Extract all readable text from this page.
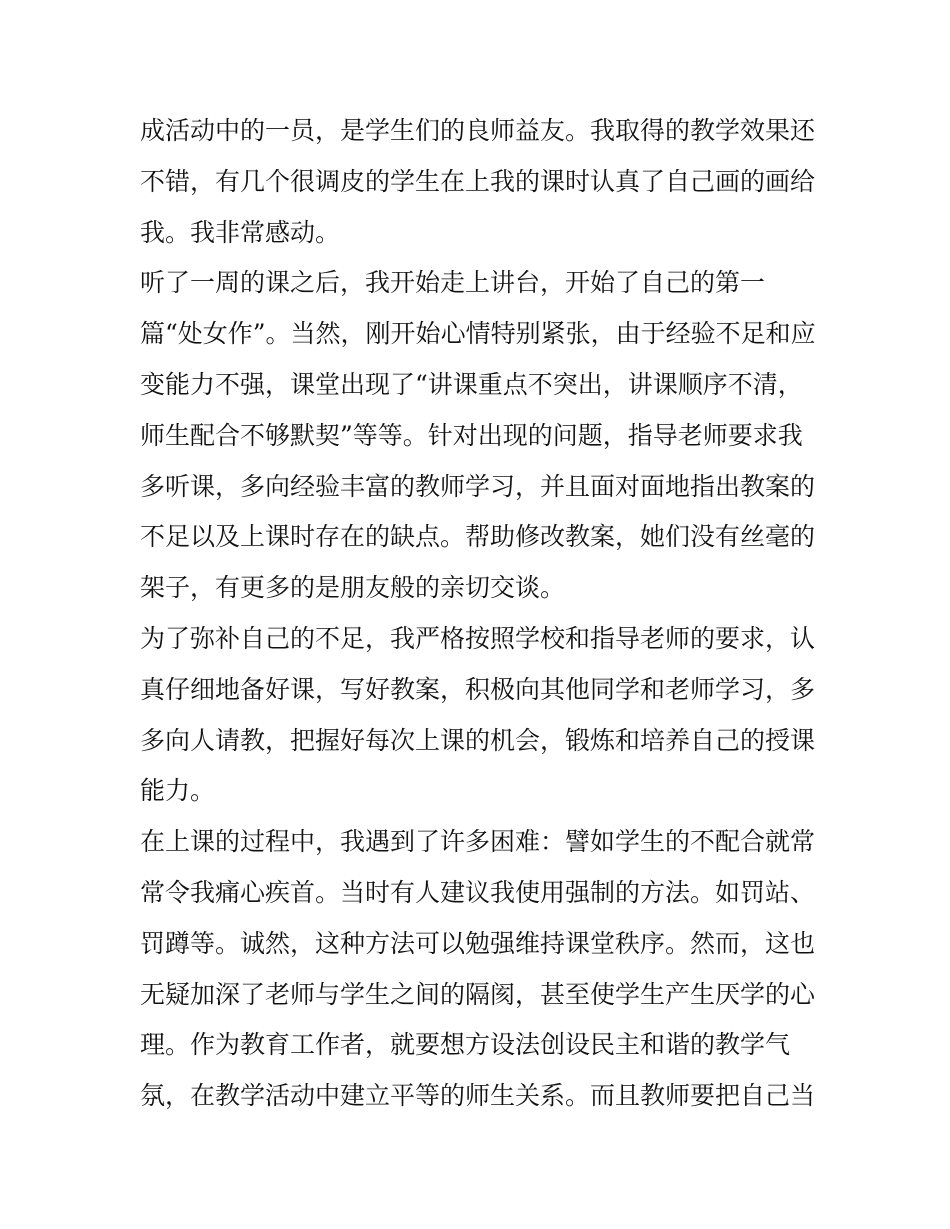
成活动中的一员，是学生们的良师益友。我取得的教学效果还
不错，有几个很调皮的学生在上我的课时认真了自己画的画给
我。我非常感动。
听了一周的课之后，我开始走上讲台，开始了自己的第一
篇“处女作”。当然，刚开始心情特别紧张，由于经验不足和应
变能力不强，课堂出现了“讲课重点不突出，讲课顺序不清，
师生配合不够默契”等等。针对出现的问题，指导老师要求我
多听课，多向经验丰富的教师学习，并且面对面地指出教案的
不足以及上课时存在的缺点。帮助修改教案，她们没有丝毫的
架子，有更多的是朋友般的亲切交谈。
为了弥补自己的不足，我严格按照学校和指导老师的要求，认
真仔细地备好课，写好教案，积极向其他同学和老师学习，多
多向人请教，把握好每次上课的机会，锻炼和培养自己的授课
能力。
在上课的过程中，我遇到了许多困难：譬如学生的不配合就常
常令我痛心疾首。当时有人建议我使用强制的方法。如罚站、
罚蹲等。诚然，这种方法可以勉强维持课堂秩序。然而，这也
无疑加深了老师与学生之间的隔阂，甚至使学生产生厌学的心
理。作为教育工作者，就要想方设法创设民主和谐的教学气
氛，在教学活动中建立平等的师生关系。而且教师要把自己当
